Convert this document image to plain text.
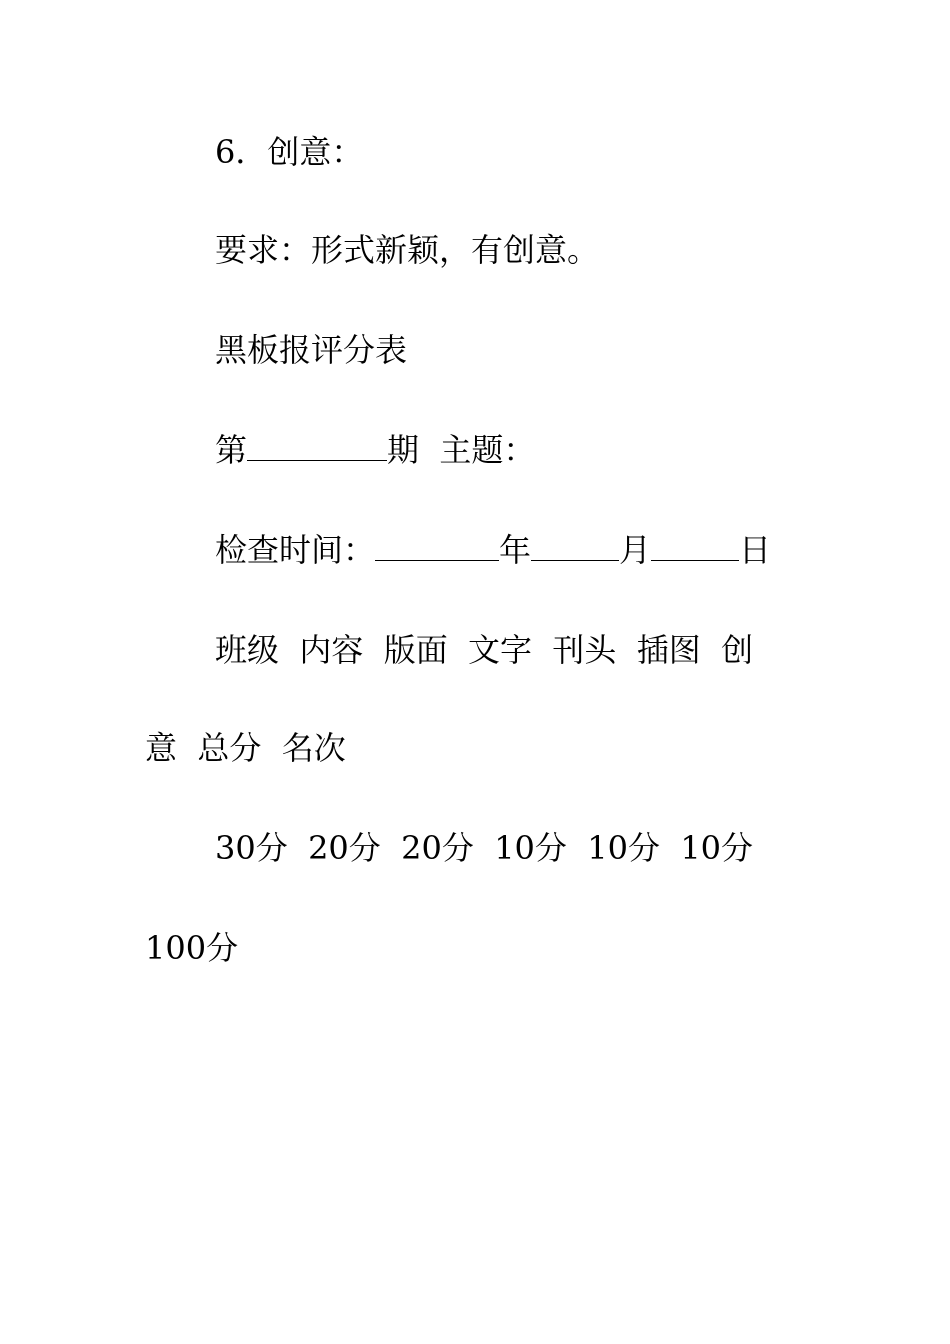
6．创意：
要求：形式新颖，有创意。
黑板报评分表
第	期  主题：
检查时间：	年	月	日
班级  内容  版面  文字  刊头  插图  创
意  总分  名次
30分  20分  20分  10分  10分  10分
100分
